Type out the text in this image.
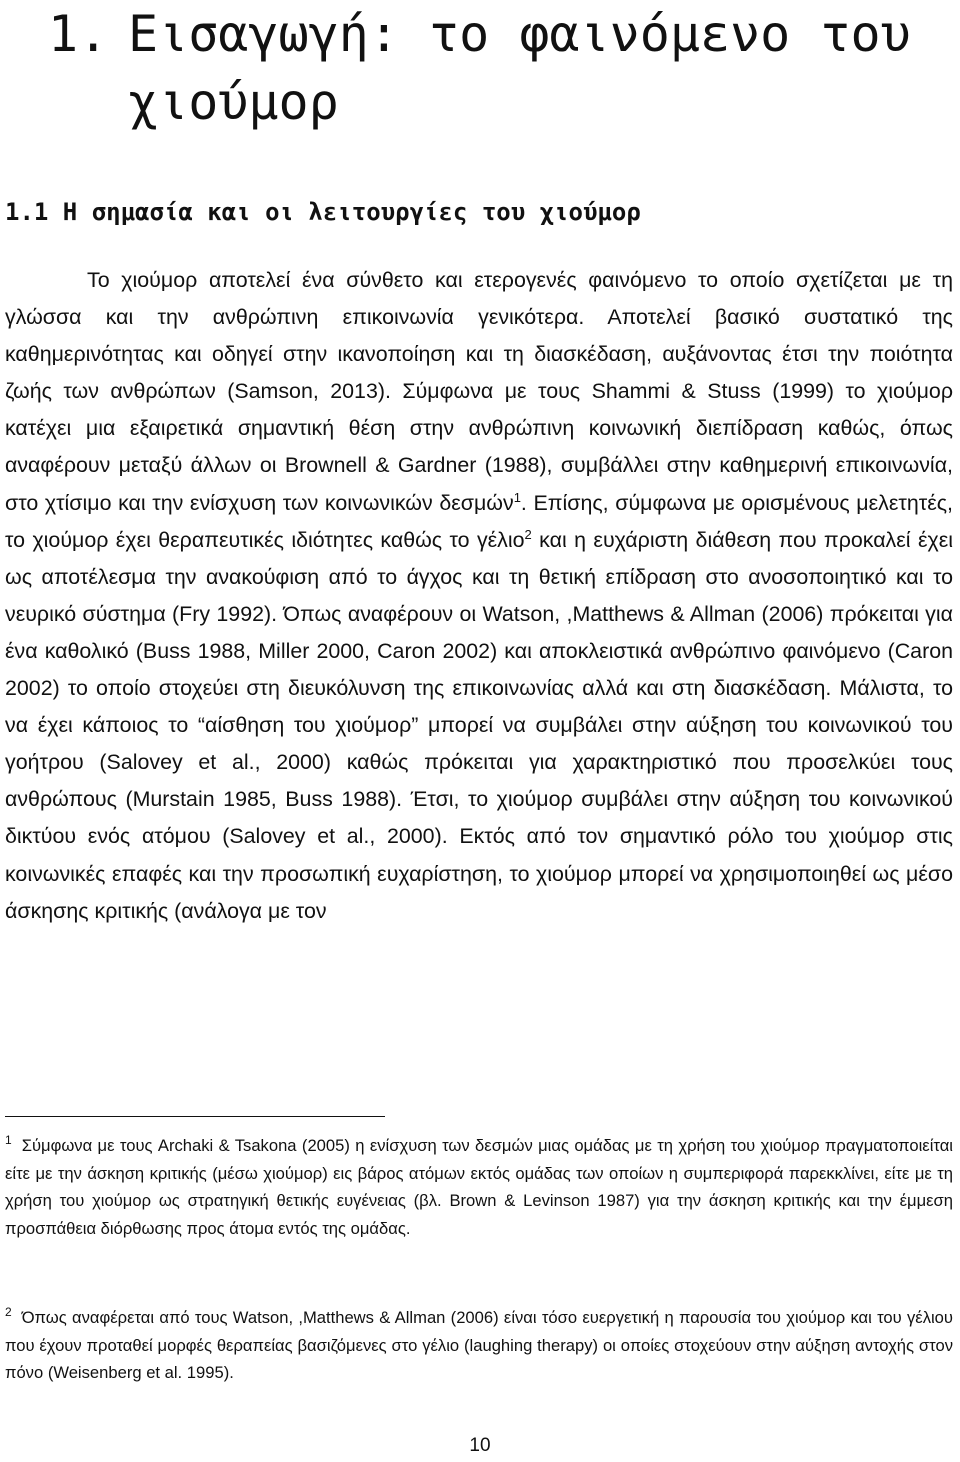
1. Εισαγωγή: το φαινόμενο του
χιούμορ
1.1 Η σημασία και οι λειτουργίες του χιούμορ

Το χιούμορ αποτελεί ένα σύνθετο και ετερογενές φαινόμενο το οποίο σχετίζεται με τη γλώσσα και την ανθρώπινη επικοινωνία γενικότερα. Αποτελεί βασικό συστατικό της καθημερινότητας και οδηγεί στην ικανοποίηση και τη διασκέδαση, αυξάνοντας έτσι την ποιότητα ζωής των ανθρώπων (Samson, 2013). Σύμφωνα με τους Shammi & Stuss (1999) το χιούμορ κατέχει μια εξαιρετικά σημαντική θέση στην ανθρώπινη κοινωνική διεπίδραση καθώς, όπως αναφέρουν μεταξύ άλλων οι Brownell & Gardner (1988), συμβάλλει στην καθημερινή επικοινωνία, στο χτίσιμο και την ενίσχυση των κοινωνικών δεσμών$^1$. Επίσης, σύμφωνα με ορισμένους μελετητές, το χιούμορ έχει θεραπευτικές ιδιότητες καθώς το γέλιο$^2$ και η ευχάριστη διάθεση που προκαλεί έχει ως αποτέλεσμα την ανακούφιση από το άγχος και τη θετική επίδραση στο ανοσοποιητικό και το νευρικό σύστημα (Fry 1992). Όπως αναφέρουν οι Watson, ,Matthews & Allman (2006) πρόκειται για ένα καθολικό (Buss 1988, Miller 2000, Caron 2002) και αποκλειστικά ανθρώπινο φαινόμενο (Caron 2002) το οποίο στοχεύει στη διευκόλυνση της επικοινωνίας αλλά και στη διασκέδαση. Μάλιστα, το να έχει κάποιος το “αίσθηση του χιούμορ” μπορεί να συμβάλει στην αύξηση του κοινωνικού του γοήτρου (Salovey et al., 2000) καθώς πρόκειται για χαρακτηριστικό που προσελκύει τους ανθρώπους (Murstain 1985, Buss 1988). Έτσι, το χιούμορ συμβάλει στην αύξηση του κοινωνικού δικτύου ενός ατόμου (Salovey et al., 2000). Εκτός από τον σημαντικό ρόλο του χιούμορ στις κοινωνικές επαφές και την προσωπική ευχαρίστηση, το χιούμορ μπορεί να χρησιμοποιηθεί ως μέσο άσκησης κριτικής (ανάλογα με τον

$^1$ Σύμφωνα με τους Archaki & Tsakona (2005) η ενίσχυση των δεσμών μιας ομάδας με τη χρήση του χιούμορ πραγματοποιείται είτε με την άσκηση κριτικής (μέσω χιούμορ) εις βάρος ατόμων εκτός ομάδας των οποίων η συμπεριφορά παρεκκλίνει, είτε με τη χρήση του χιούμορ ως στρατηγική θετικής ευγένειας (βλ. Brown & Levinson 1987) για την άσκηση κριτικής και την έμμεση προσπάθεια διόρθωσης προς άτομα εντός της ομάδας.

$^2$ Όπως αναφέρεται από τους Watson, ,Matthews & Allman (2006) είναι τόσο ευεργετική η παρουσία του χιούμορ και του γέλιου που έχουν προταθεί μορφές θεραπείας βασιζόμενες στο γέλιο (laughing therapy) οι οποίες στοχεύουν στην αύξηση αντοχής στον πόνο (Weisenberg et al. 1995).

10
